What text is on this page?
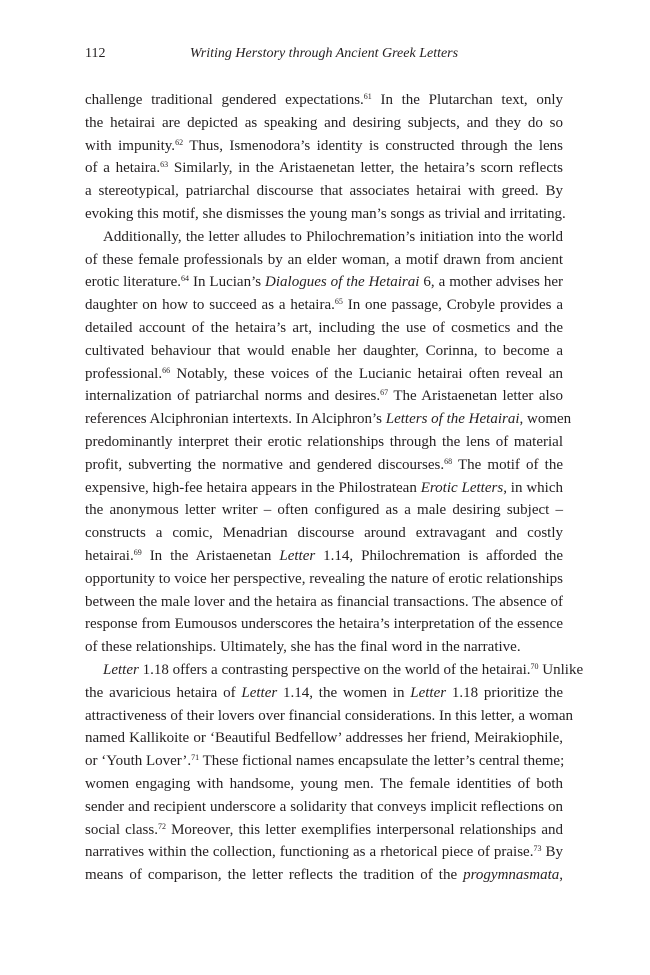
112	Writing Herstory through Ancient Greek Letters
challenge traditional gendered expectations.$^{61}$ In the Plutarchan text, only
the hetairai are depicted as speaking and desiring subjects, and they do so
with impunity.$^{62}$ Thus, Ismenodora’s identity is constructed through the lens
of a hetaira.$^{63}$ Similarly, in the Aristaenetan letter, the hetaira’s scorn reflects
a stereotypical, patriarchal discourse that associates hetairai with greed. By
evoking this motif, she dismisses the young man’s songs as trivial and irritating.
Additionally, the letter alludes to Philochremation’s initiation into the world
of these female professionals by an elder woman, a motif drawn from ancient
erotic literature.$^{64}$ In Lucian’s Dialogues of the Hetairai 6, a mother advises her
daughter on how to succeed as a hetaira.$^{65}$ In one passage, Crobyle provides a
detailed account of the hetaira’s art, including the use of cosmetics and the
cultivated behaviour that would enable her daughter, Corinna, to become a
professional.$^{66}$ Notably, these voices of the Lucianic hetairai often reveal an
internalization of patriarchal norms and desires.$^{67}$ The Aristaenetan letter also
references Alciphronian intertexts. In Alciphron’s Letters of the Hetairai, women
predominantly interpret their erotic relationships through the lens of material
profit, subverting the normative and gendered discourses.$^{68}$ The motif of the
expensive, high-fee hetaira appears in the Philostratean Erotic Letters, in which
the anonymous letter writer – often configured as a male desiring subject –
constructs a comic, Menadrian discourse around extravagant and costly
hetairai.$^{69}$ In the Aristaenetan Letter 1.14, Philochremation is afforded the
opportunity to voice her perspective, revealing the nature of erotic relationships
between the male lover and the hetaira as financial transactions. The absence of
response from Eumousos underscores the hetaira’s interpretation of the essence
of these relationships. Ultimately, she has the final word in the narrative.
Letter 1.18 offers a contrasting perspective on the world of the hetairai.$^{70}$ Unlike
the avaricious hetaira of Letter 1.14, the women in Letter 1.18 prioritize the
attractiveness of their lovers over financial considerations. In this letter, a woman
named Kallikoite or ‘Beautiful Bedfellow’ addresses her friend, Meirakiophile,
or ‘Youth Lover’.$^{71}$ These fictional names encapsulate the letter’s central theme;
women engaging with handsome, young men. The female identities of both
sender and recipient underscore a solidarity that conveys implicit reflections on
social class.$^{72}$ Moreover, this letter exemplifies interpersonal relationships and
narratives within the collection, functioning as a rhetorical piece of praise.$^{73}$ By
means of comparison, the letter reflects the tradition of the progymnasmata,
